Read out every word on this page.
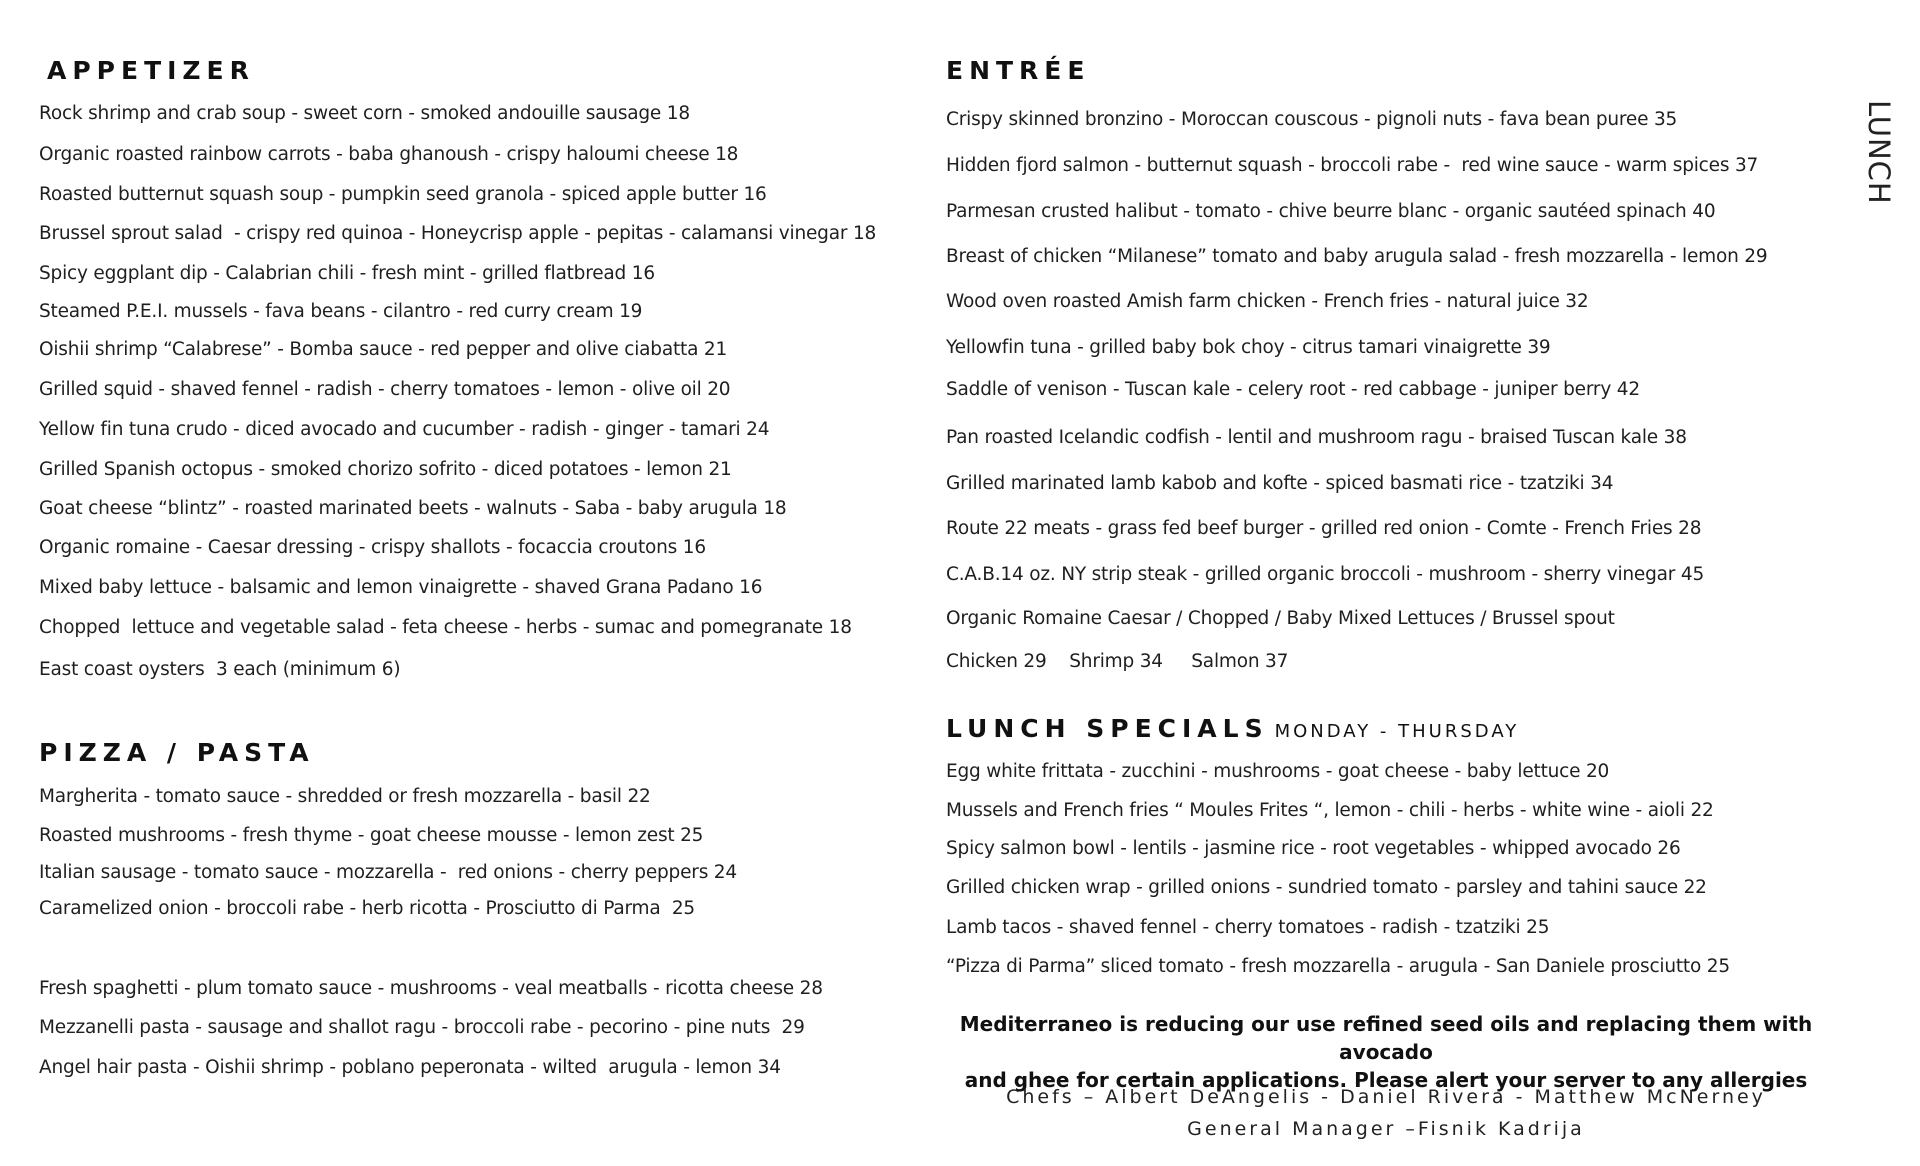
APPETIZER
Rock shrimp and crab soup - sweet corn - smoked andouille sausage 18
Organic roasted rainbow carrots - baba ghanoush - crispy haloumi cheese 18
Roasted butternut squash soup - pumpkin seed granola - spiced apple butter 16
Brussel sprout salad  - crispy red quinoa - Honeycrisp apple - pepitas - calamansi vinegar 18
Spicy eggplant dip - Calabrian chili - fresh mint - grilled flatbread 16
Steamed P.E.I. mussels - fava beans - cilantro - red curry cream 19
Oishii shrimp “Calabrese” - Bomba sauce - red pepper and olive ciabatta 21
Grilled squid - shaved fennel - radish - cherry tomatoes - lemon - olive oil 20
Yellow fin tuna crudo - diced avocado and cucumber - radish - ginger - tamari 24
Grilled Spanish octopus - smoked chorizo sofrito - diced potatoes - lemon 21
Goat cheese “blintz” - roasted marinated beets - walnuts - Saba - baby arugula 18
Organic romaine - Caesar dressing - crispy shallots - focaccia croutons 16
Mixed baby lettuce - balsamic and lemon vinaigrette - shaved Grana Padano 16
Chopped  lettuce and vegetable salad - feta cheese - herbs - sumac and pomegranate 18
East coast oysters  3 each (minimum 6)
PIZZA / PASTA
Margherita - tomato sauce - shredded or fresh mozzarella - basil 22
Roasted mushrooms - fresh thyme - goat cheese mousse - lemon zest 25
Italian sausage - tomato sauce - mozzarella -  red onions - cherry peppers 24
Caramelized onion - broccoli rabe - herb ricotta - Prosciutto di Parma  25
Fresh spaghetti - plum tomato sauce - mushrooms - veal meatballs - ricotta cheese 28
Mezzanelli pasta - sausage and shallot ragu - broccoli rabe - pecorino - pine nuts  29
Angel hair pasta - Oishii shrimp - poblano peperonata - wilted  arugula - lemon 34
ENTRÉE
Crispy skinned bronzino - Moroccan couscous - pignoli nuts - fava bean puree 35
Hidden fjord salmon - butternut squash - broccoli rabe -  red wine sauce - warm spices 37
Parmesan crusted halibut - tomato - chive beurre blanc - organic sautéed spinach 40
Breast of chicken “Milanese” tomato and baby arugula salad - fresh mozzarella - lemon 29
Wood oven roasted Amish farm chicken - French fries - natural juice 32
Yellowfin tuna - grilled baby bok choy - citrus tamari vinaigrette 39
Saddle of venison - Tuscan kale - celery root - red cabbage - juniper berry 42
Pan roasted Icelandic codfish - lentil and mushroom ragu - braised Tuscan kale 38
Grilled marinated lamb kabob and kofte - spiced basmati rice - tzatziki 34
Route 22 meats - grass fed beef burger - grilled red onion - Comte - French Fries 28
C.A.B.14 oz. NY strip steak - grilled organic broccoli - mushroom - sherry vinegar 45
Organic Romaine Caesar / Chopped / Baby Mixed Lettuces / Brussel spout
Chicken 29    Shrimp 34     Salmon 37
LUNCH SPECIALS MONDAY - THURSDAY
Egg white frittata - zucchini - mushrooms - goat cheese - baby lettuce 20
Mussels and French fries “ Moules Frites “, lemon - chili - herbs - white wine - aioli 22
Spicy salmon bowl - lentils - jasmine rice - root vegetables - whipped avocado 26
Grilled chicken wrap - grilled onions - sundried tomato - parsley and tahini sauce 22
Lamb tacos - shaved fennel - cherry tomatoes - radish - tzatziki 25
“Pizza di Parma” sliced tomato - fresh mozzarella - arugula - San Daniele prosciutto 25
Mediterraneo is reducing our use refined seed oils and replacing them with avocado
and ghee for certain applications. Please alert your server to any allergies
Chefs – Albert DeAngelis - Daniel Rivera - Matthew McNerney
General Manager –Fisnik Kadrija
LUNCH
